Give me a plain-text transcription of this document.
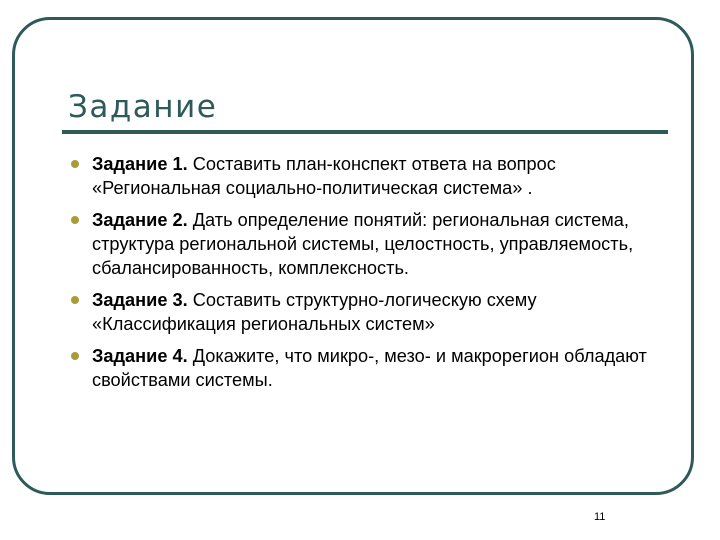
Задание
Задание 1. Составить план-конспект ответа на вопрос «Региональная социально-политическая система» .
Задание 2. Дать определение понятий: региональная система, структура региональной системы, целостность, управляемость, сбалансированность, комплексность.
Задание 3. Составить структурно-логическую схему «Классификация региональных систем»
Задание 4. Докажите, что микро-, мезо- и макрорегион обладают свойствами системы.
11
